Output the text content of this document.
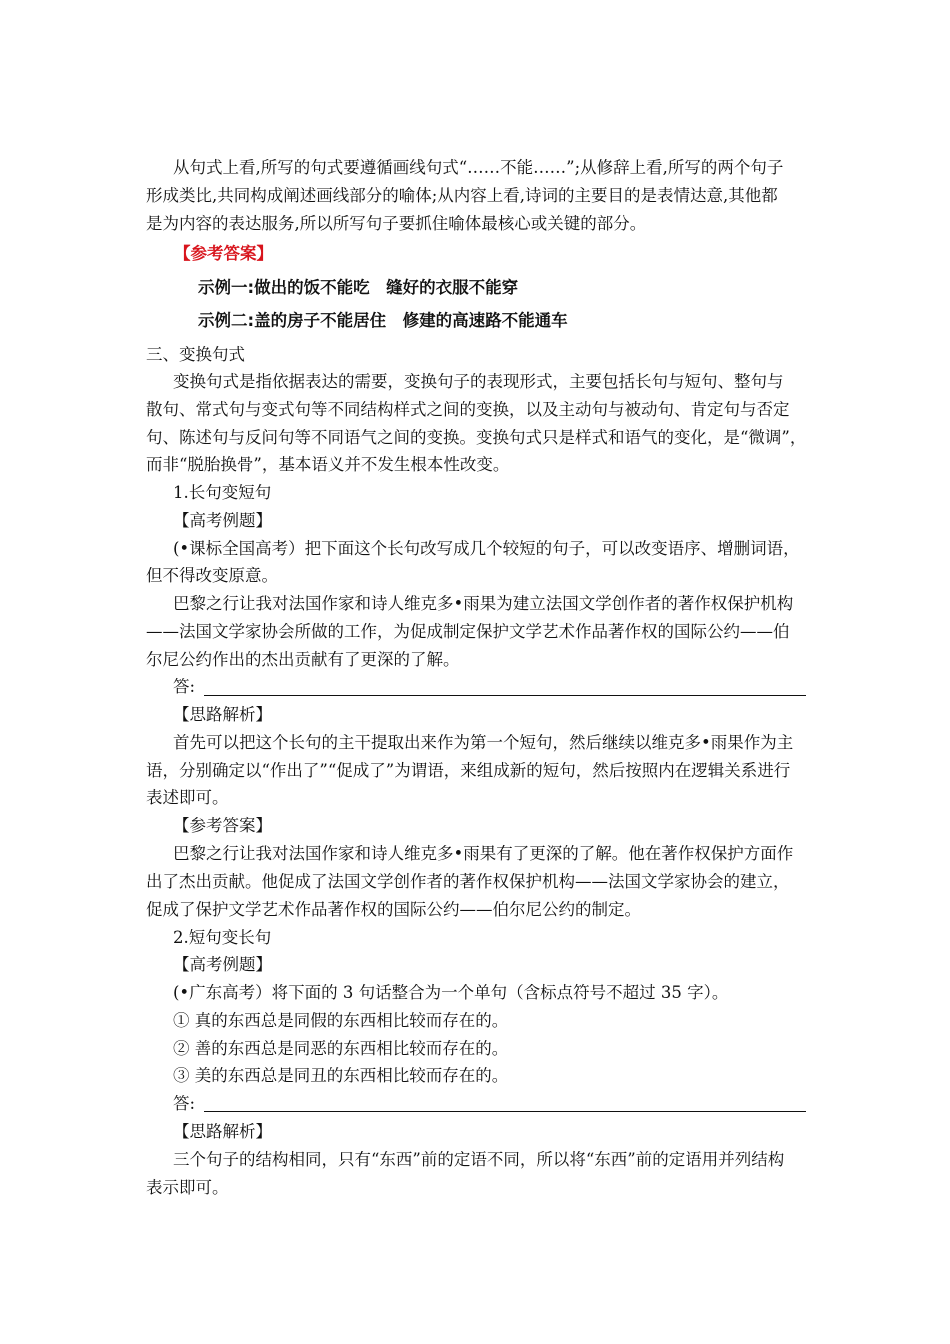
从句式上看,所写的句式要遵循画线句式“……不能……”;从修辞上看,所写的两个句子
形成类比,共同构成阐述画线部分的喻体;从内容上看,诗词的主要目的是表情达意,其他都
是为内容的表达服务,所以所写句子要抓住喻体最核心或关键的部分。
【参考答案】
示例一:做出的饭不能吃　缝好的衣服不能穿
示例二:盖的房子不能居住　修建的高速路不能通车
三、变换句式
变换句式是指依据表达的需要，变换句子的表现形式，主要包括长句与短句、整句与
散句、常式句与变式句等不同结构样式之间的变换，以及主动句与被动句、肯定句与否定
句、陈述句与反问句等不同语气之间的变换。变换句式只是样式和语气的变化，是“微调”，
而非“脱胎换骨”，基本语义并不发生根本性改变。
1.长句变短句
【高考例题】
(•课标全国高考）把下面这个长句改写成几个较短的句子，可以改变语序、增删词语，
但不得改变原意。
巴黎之行让我对法国作家和诗人维克多•雨果为建立法国文学创作者的著作权保护机构
——法国文学家协会所做的工作，为促成制定保护文学艺术作品著作权的国际公约——伯
尔尼公约作出的杰出贡献有了更深的了解。
答:
【思路解析】
首先可以把这个长句的主干提取出来作为第一个短句，然后继续以维克多•雨果作为主
语，分别确定以“作出了”“促成了”为谓语，来组成新的短句，然后按照内在逻辑关系进行
表述即可。
【参考答案】
巴黎之行让我对法国作家和诗人维克多•雨果有了更深的了解。他在著作权保护方面作
出了杰出贡献。他促成了法国文学创作者的著作权保护机构——法国文学家协会的建立，
促成了保护文学艺术作品著作权的国际公约——伯尔尼公约的制定。
2.短句变长句
【高考例题】
(•广东高考）将下面的 3 句话整合为一个单句（含标点符号不超过 35 字）。
① 真的东西总是同假的东西相比较而存在的。
② 善的东西总是同恶的东西相比较而存在的。
③ 美的东西总是同丑的东西相比较而存在的。
答:
【思路解析】
三个句子的结构相同，只有“东西”前的定语不同，所以将“东西”前的定语用并列结构
表示即可。
